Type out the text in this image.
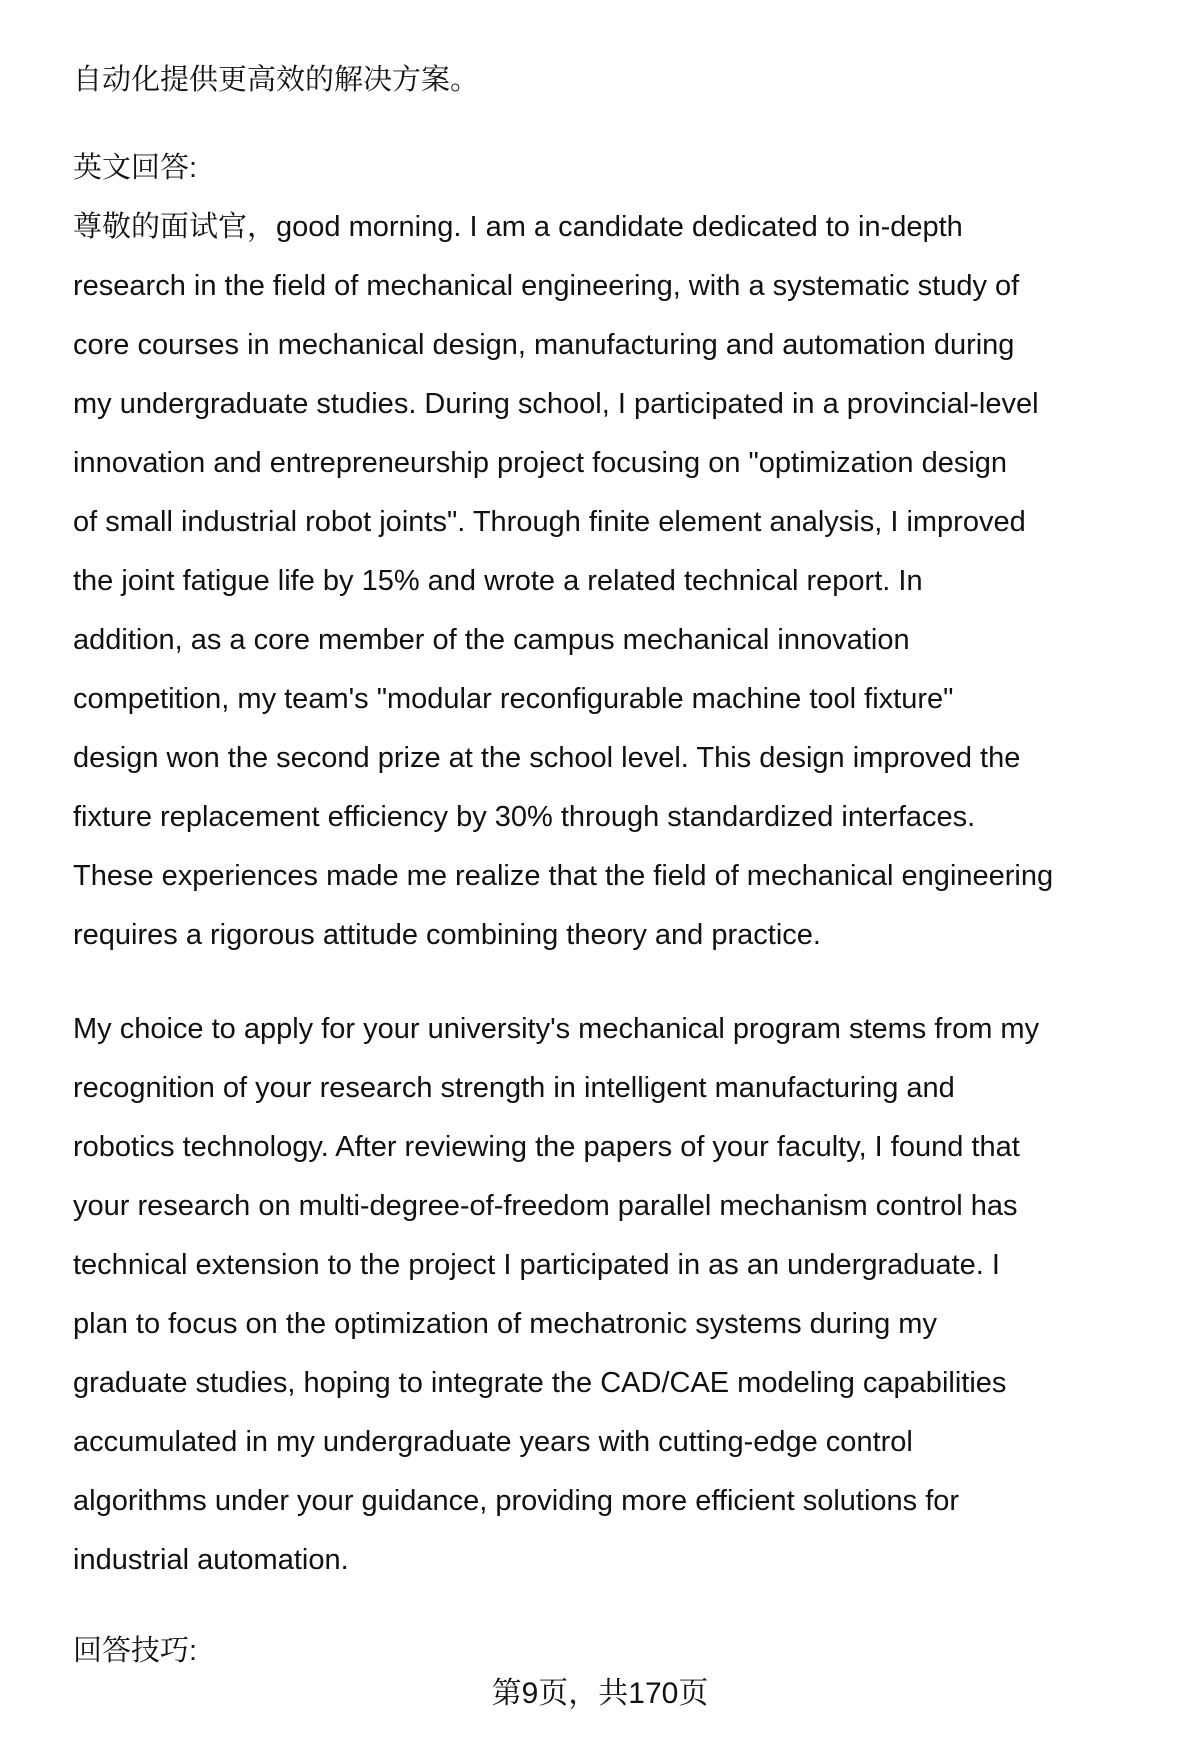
自动化提供更高效的解决方案。
英文回答:
尊敬的面试官，good morning. I am a candidate dedicated to in-depth
research in the field of mechanical engineering, with a systematic study of
core courses in mechanical design, manufacturing and automation during
my undergraduate studies. During school, I participated in a provincial-level
innovation and entrepreneurship project focusing on "optimization design
of small industrial robot joints". Through finite element analysis, I improved
the joint fatigue life by 15% and wrote a related technical report. In
addition, as a core member of the campus mechanical innovation
competition, my team's "modular reconfigurable machine tool fixture"
design won the second prize at the school level. This design improved the
fixture replacement efficiency by 30% through standardized interfaces.
These experiences made me realize that the field of mechanical engineering
requires a rigorous attitude combining theory and practice.
My choice to apply for your university's mechanical program stems from my
recognition of your research strength in intelligent manufacturing and
robotics technology. After reviewing the papers of your faculty, I found that
your research on multi-degree-of-freedom parallel mechanism control has
technical extension to the project I participated in as an undergraduate. I
plan to focus on the optimization of mechatronic systems during my
graduate studies, hoping to integrate the CAD/CAE modeling capabilities
accumulated in my undergraduate years with cutting-edge control
algorithms under your guidance, providing more efficient solutions for
industrial automation.
回答技巧:
第9页，共170页
